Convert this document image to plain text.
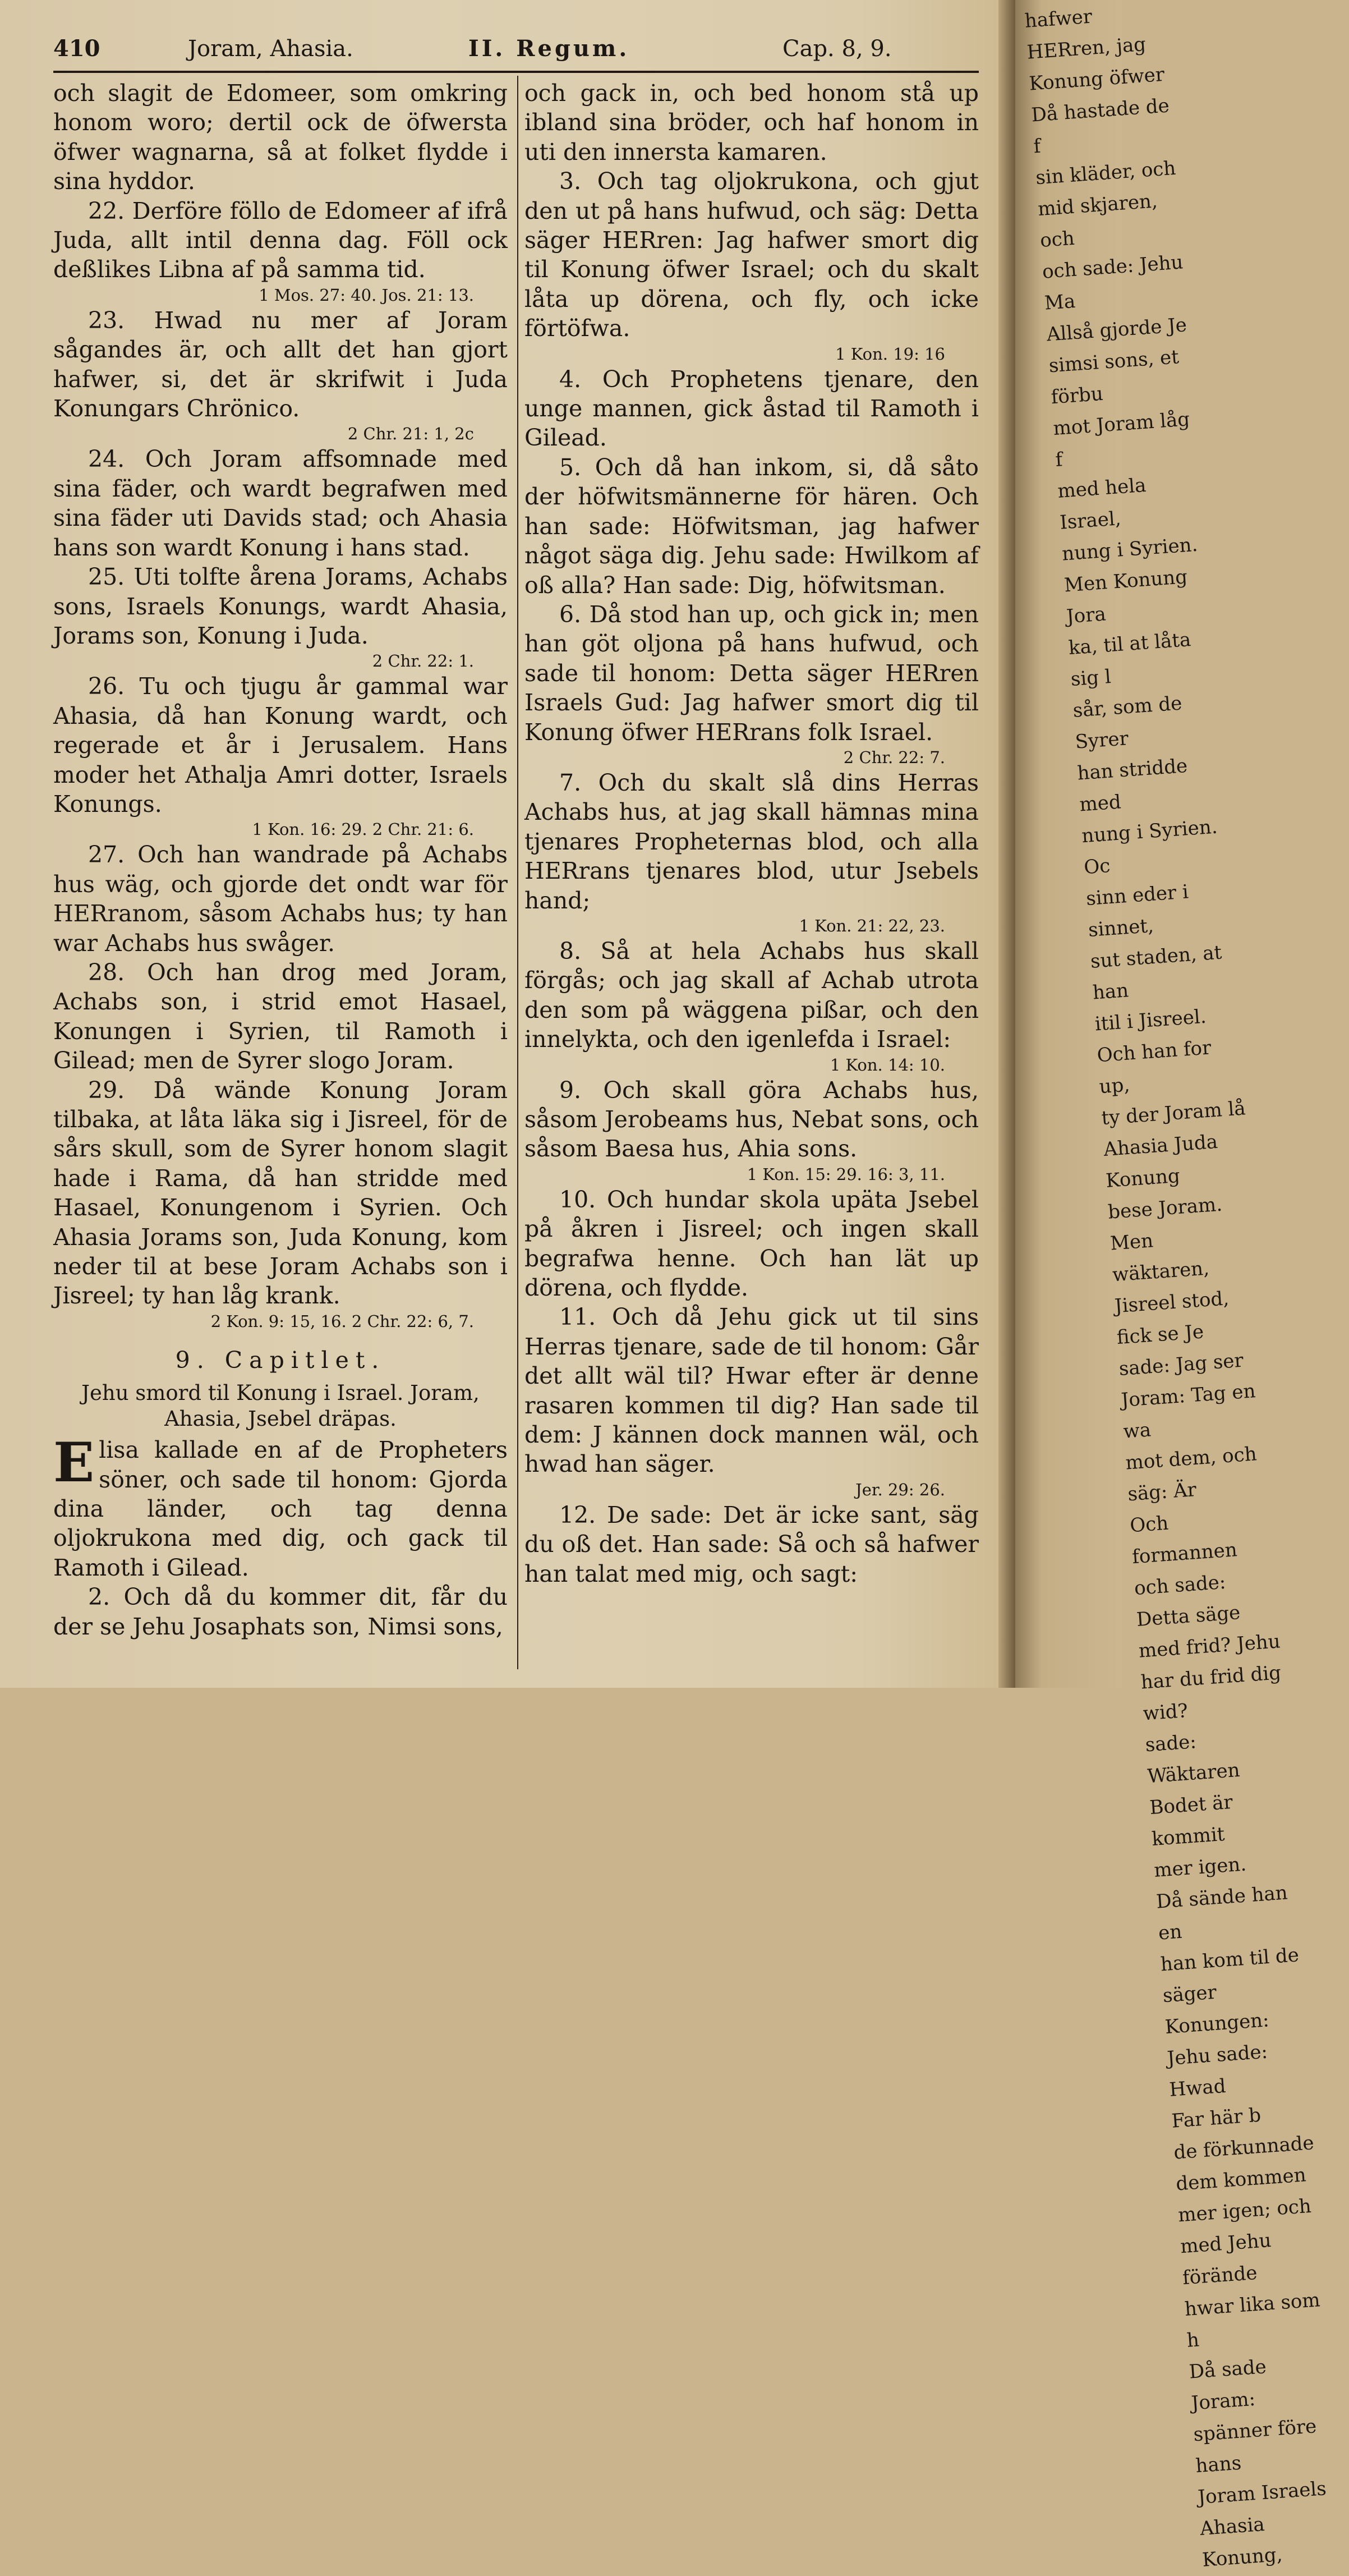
410	Joram, Ahasia.	II. Regum.	Cap. 8, 9.

och slagit de Edomeer, som omkring honom woro; dertil ock de öfwersta öfwer wagnarna, så at folket flydde i sina hyddor.

22. Derföre föllo de Edomeer af ifrå Juda, allt intil denna dag. Föll ock deßlikes Libna af på samma tid.

1 Mos. 27: 40. Jos. 21: 13.

23. Hwad nu mer af Joram sågandes är, och allt det han gjort hafwer, si, det är skrifwit i Juda Konungars Chrönico.

2 Chr. 21: 1, 2c

24. Och Joram affsomnade med sina fäder, och wardt begrafwen med sina fäder uti Davids stad; och Ahasia hans son wardt Konung i hans stad.

25. Uti tolfte årena Jorams, Achabs sons, Israels Konungs, wardt Ahasia, Jorams son, Konung i Juda.

2 Chr. 22: 1.

26. Tu och tjugu år gammal war Ahasia, då han Konung wardt, och regerade et år i Jerusalem. Hans moder het Athalja Amri dotter, Israels Konungs.

1 Kon. 16: 29. 2 Chr. 21: 6.

27. Och han wandrade på Achabs hus wäg, och gjorde det ondt war för HERranom, såsom Achabs hus; ty han war Achabs hus swåger.

28. Och han drog med Joram, Achabs son, i strid emot Hasael, Konungen i Syrien, til Ramoth i Gilead; men de Syrer slogo Joram.

29. Då wände Konung Joram tilbaka, at låta läka sig i Jisreel, för de sårs skull, som de Syrer honom slagit hade i Rama, då han stridde med Hasael, Konungenom i Syrien. Och Ahasia Jorams son, Juda Konung, kom neder til at bese Joram Achabs son i Jisreel; ty han låg krank.

2 Kon. 9: 15, 16. 2 Chr. 22: 6, 7.
9. Capitlet.
Jehu smord til Konung i Israel. Joram, Ahasia, Jsebel dräpas.

Elisa kallade en af de Propheters söner, och sade til honom: Gjorda dina länder, och tag denna oljokrukona med dig, och gack til Ramoth i Gilead.

2. Och då du kommer dit, får du der se Jehu Josaphats son, Nimsi sons,

och gack in, och bed honom stå up ibland sina bröder, och haf honom in uti den innersta kamaren.

3. Och tag oljokrukona, och gjut den ut på hans hufwud, och säg: Detta säger HERren: Jag hafwer smort dig til Konung öfwer Israel; och du skalt låta up dörena, och fly, och icke förtöfwa.

1 Kon. 19: 16

4. Och Prophetens tjenare, den unge mannen, gick åstad til Ramoth i Gilead.

5. Och då han inkom, si, då såto der höfwitsmännerne för hären. Och han sade: Höfwitsman, jag hafwer något säga dig. Jehu sade: Hwilkom af oß alla? Han sade: Dig, höfwitsman.

6. Då stod han up, och gick in; men han göt oljona på hans hufwud, och sade til honom: Detta säger HERren Israels Gud: Jag hafwer smort dig til Konung öfwer HERrans folk Israel.

2 Chr. 22: 7.

7. Och du skalt slå dins Herras Achabs hus, at jag skall hämnas mina tjenares Propheternas blod, och alla HERrans tjenares blod, utur Jsebels hand;

1 Kon. 21: 22, 23.

8. Så at hela Achabs hus skall förgås; och jag skall af Achab utrota den som på wäggena pißar, och den innelykta, och den igenlefda i Israel:

1 Kon. 14: 10.

9. Och skall göra Achabs hus, såsom Jerobeams hus, Nebat sons, och såsom Baesa hus, Ahia sons.

1 Kon. 15: 29. 16: 3, 11.

10. Och hundar skola upäta Jsebel på åkren i Jisreel; och ingen skall begrafwa henne. Och han lät up dörena, och flydde.

11. Och då Jehu gick ut til sins Herras tjenare, sade de til honom: Går det allt wäl til? Hwar efter är denne rasaren kommen til dig? Han sade til dem: J kännen dock mannen wäl, och hwad han säger.

Jer. 29: 26.

12. De sade: Det är icke sant, säg du oß det. Han sade: Så och så hafwer han talat med mig, och sagt:

hafwer HERren, jag
Konung öfwer
Då hastade de f
sin kläder, och
mid skjaren, och
och sade: Jehu
Ma
Allså gjorde Je
simsi sons, et förbu
mot Joram låg f
med hela Israel,
nung i Syrien.
Men Konung Jora
ka, til at låta sig l
sår, som de Syrer
han stridde med
nung i Syrien. Oc
sinn eder i sinnet,
sut staden, at han
itil i Jisreel.
Och han for up,
ty der Joram lå
Ahasia Juda Konung
bese Joram.
Men wäktaren,
Jisreel stod, fick se Je
sade: Jag ser
Joram: Tag en wa
mot dem, och säg: Är
Och formannen
och sade: Detta säge
med frid? Jehu
har du frid dig wid?
sade: Wäktaren
Bodet är kommit
mer igen.
Då sände han en
han kom til de
säger Konungen:
Jehu sade: Hwad
Far här b
de förkunnade
dem kommen
mer igen; och
med Jehu förände
hwar lika som h
Då sade Joram:
spänner före hans
Joram Israels
Ahasia Konung,
